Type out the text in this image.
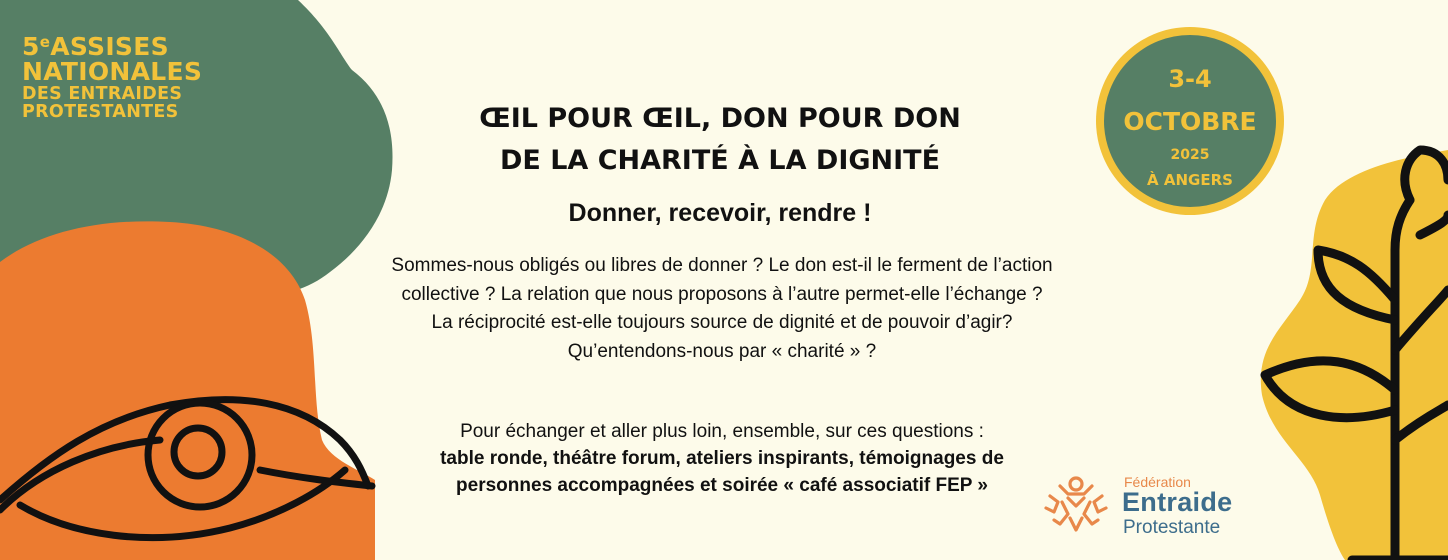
5eASSISES
NATIONALES
DES ENTRAIDES
PROTESTANTES
3-4
OCTOBRE
2025
À ANGERS
ŒIL POUR ŒIL, DON POUR DON
DE LA CHARITÉ À LA DIGNITÉ
Donner, recevoir, rendre !
Sommes-nous obligés ou libres de donner ? Le don est-il le ferment de l’action
collective ? La relation que nous proposons à l’autre permet-elle l’échange ?
La réciprocité est-elle toujours source de dignité et de pouvoir d’agir?
Qu’entendons-nous par « charité » ?
Pour échanger et aller plus loin, ensemble, sur ces questions :
table ronde, théâtre forum, ateliers inspirants, témoignages de
personnes accompagnées et soirée « café associatif FEP »	Fédération
Entraide
Protestante
